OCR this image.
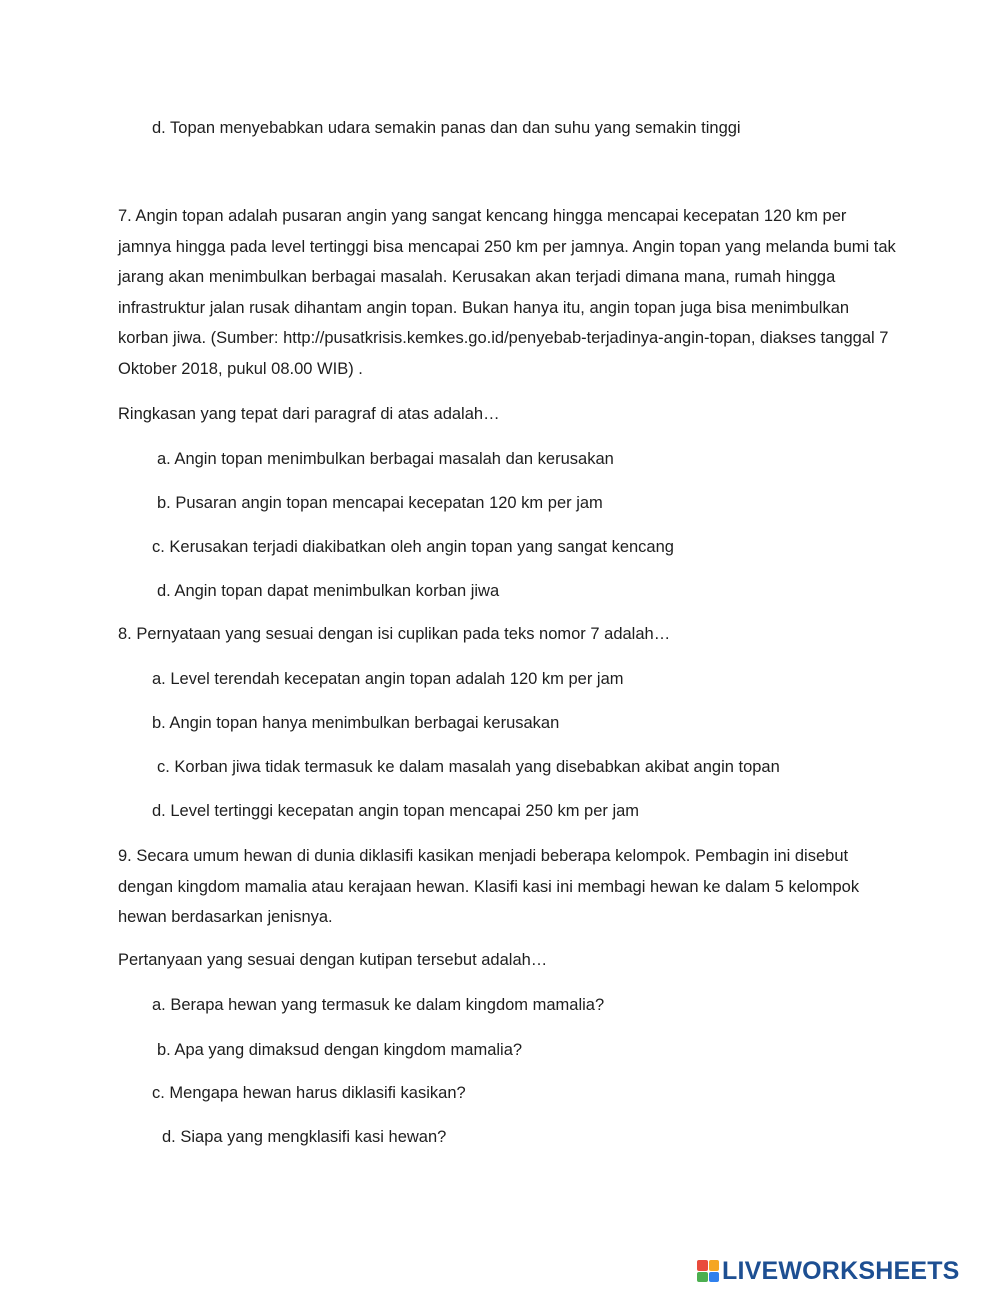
d. Topan menyebabkan udara semakin panas dan dan suhu yang semakin tinggi
7. Angin topan adalah pusaran angin yang sangat kencang hingga mencapai kecepatan 120 km per jamnya hingga pada level tertinggi bisa mencapai 250 km per jamnya. Angin topan yang melanda bumi tak jarang akan menimbulkan berbagai masalah. Kerusakan akan terjadi dimana mana, rumah hingga infrastruktur jalan rusak dihantam angin topan. Bukan hanya itu, angin topan juga bisa menimbulkan korban jiwa. (Sumber: http://pusatkrisis.kemkes.go.id/penyebab-terjadinya-angin-topan, diakses tanggal 7 Oktober 2018, pukul 08.00 WIB) .
Ringkasan yang tepat dari paragraf di atas adalah…
a. Angin topan menimbulkan berbagai masalah dan kerusakan
b. Pusaran angin topan mencapai kecepatan 120 km per jam
c. Kerusakan terjadi diakibatkan oleh angin topan yang sangat kencang
d. Angin topan dapat menimbulkan korban jiwa
8. Pernyataan yang sesuai dengan isi cuplikan pada teks nomor 7 adalah…
a. Level terendah kecepatan angin topan adalah 120 km per jam
b. Angin topan hanya menimbulkan berbagai kerusakan
c. Korban jiwa tidak termasuk ke dalam masalah yang disebabkan akibat angin topan
d. Level tertinggi kecepatan angin topan mencapai 250 km per jam
9. Secara umum hewan di dunia diklasifi kasikan menjadi beberapa kelompok. Pembagin ini disebut dengan kingdom mamalia atau kerajaan hewan. Klasifi kasi ini membagi hewan ke dalam 5 kelompok hewan berdasarkan jenisnya.
Pertanyaan yang sesuai dengan kutipan tersebut adalah…
a. Berapa hewan yang termasuk ke dalam kingdom mamalia?
b. Apa yang dimaksud dengan kingdom mamalia?
c. Mengapa hewan harus diklasifi kasikan?
d. Siapa yang mengklasifi kasi hewan?
LIVEWORKSHEETS
